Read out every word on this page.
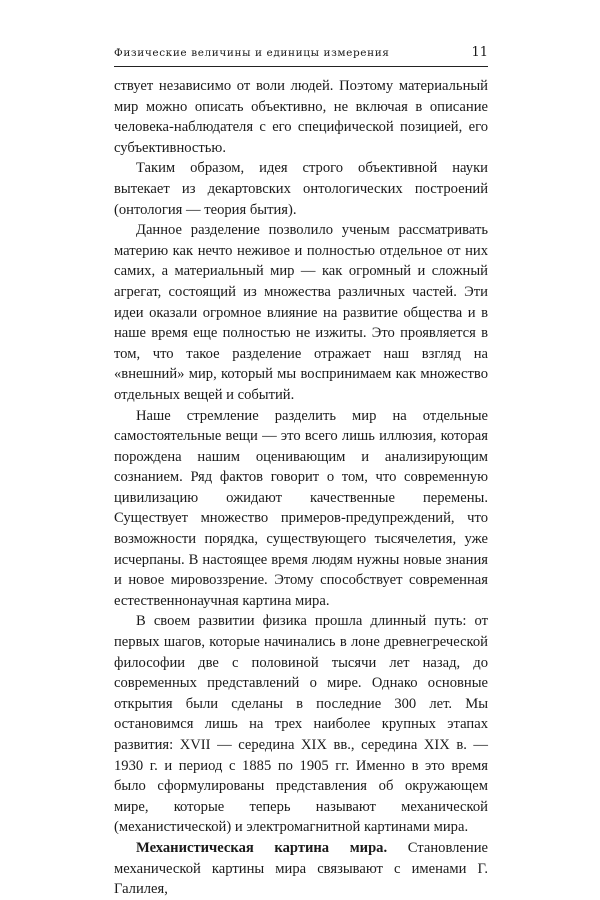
Физические величины и единицы измерения	11

ствует независимо от воли людей. Поэтому материальный мир можно описать объективно, не включая в описание человека-наблюдателя с его специфической позицией, его субъективностью.

Таким образом, идея строго объективной науки вытекает из декартовских онтологических построений (онтология — теория бытия).

Данное разделение позволило ученым рассматривать материю как нечто неживое и полностью отдельное от них самих, а материальный мир — как огромный и сложный агрегат, состоящий из множества различных частей. Эти идеи оказали огромное влияние на развитие общества и в наше время еще полностью не изжиты. Это проявляется в том, что такое разделение отражает наш взгляд на «внешний» мир, который мы воспринимаем как множество отдельных вещей и событий.

Наше стремление разделить мир на отдельные самостоятельные вещи — это всего лишь иллюзия, которая порождена нашим оценивающим и анализирующим сознанием. Ряд фактов говорит о том, что современную цивилизацию ожидают качественные перемены. Существует множество примеров-предупреждений, что возможности порядка, существующего тысячелетия, уже исчерпаны. В настоящее время людям нужны новые знания и новое мировоззрение. Этому способствует современная естественнонаучная картина мира.

В своем развитии физика прошла длинный путь: от первых шагов, которые начинались в лоне древнегреческой философии две с половиной тысячи лет назад, до современных представлений о мире. Однако основные открытия были сделаны в последние 300 лет. Мы остановимся лишь на трех наиболее крупных этапах развития: XVII — середина XIX вв., середина XIX в. — 1930 г. и период с 1885 по 1905 гг. Именно в это время было сформулированы представления об окружающем мире, которые теперь называют механической (механистической) и электромагнитной картинами мира.

Механистическая картина мира. Становление механической картины мира связывают с именами Г. Галилея,
